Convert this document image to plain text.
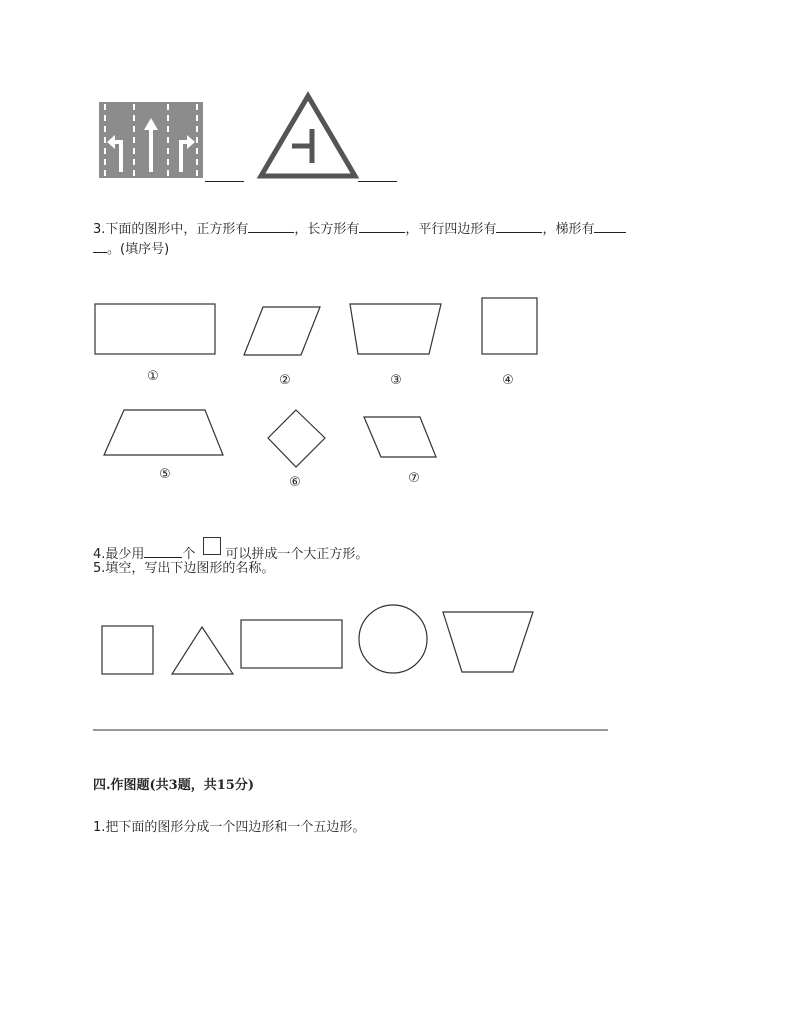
3.下面的图形中，正方形有	，长方形有	，平行四边形有	，梯形有
。(填序号)
①	②	③	④
⑤
⑥	⑦
4.最少用	个 可以拼成一个大正方形。
5.填空，写出下边图形的名称。
四.作图题(共3题，共15分)
1.把下面的图形分成一个四边形和一个五边形。
